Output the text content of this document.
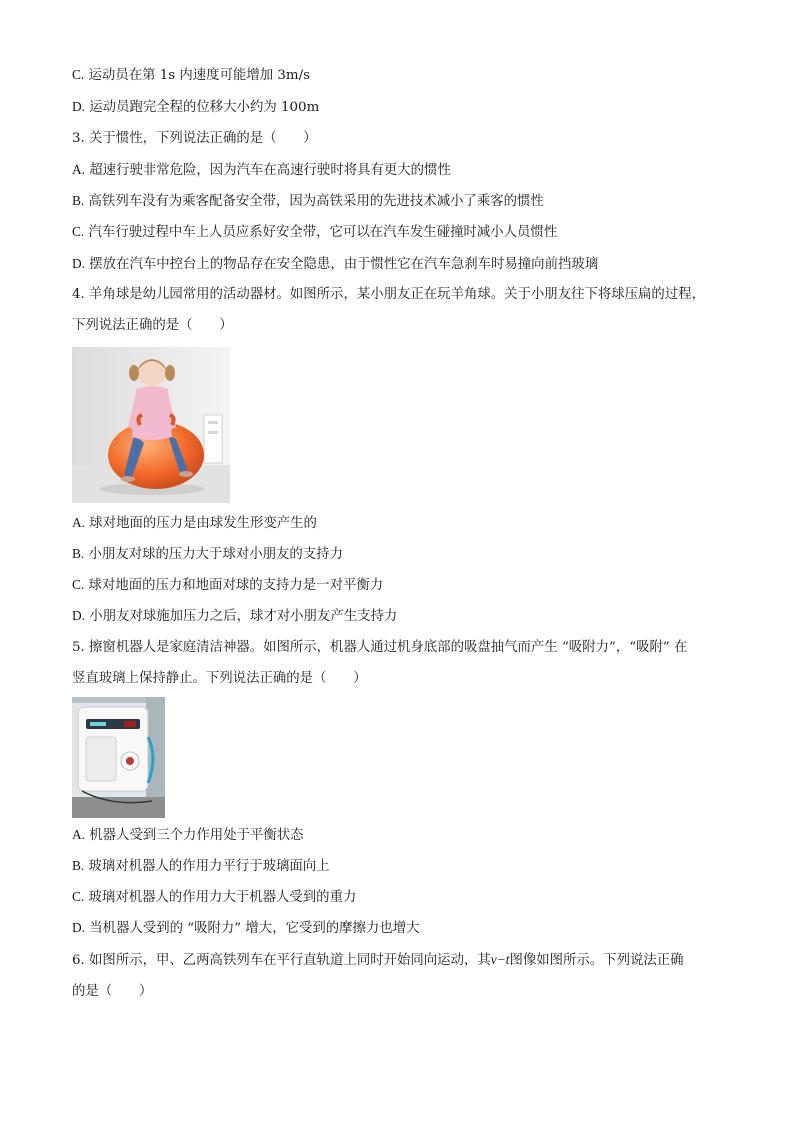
C. 运动员在第 1s 内速度可能增加 3m/s
D. 运动员跑完全程的位移大小约为 100m
3. 关于惯性，下列说法正确的是（　　）
A. 超速行驶非常危险，因为汽车在高速行驶时将具有更大的惯性
B. 高铁列车没有为乘客配备安全带，因为高铁采用的先进技术减小了乘客的惯性
C. 汽车行驶过程中车上人员应系好安全带，它可以在汽车发生碰撞时减小人员惯性
D. 摆放在汽车中控台上的物品存在安全隐患，由于惯性它在汽车急刹车时易撞向前挡玻璃
4. 羊角球是幼儿园常用的活动器材。如图所示，某小朋友正在玩羊角球。关于小朋友往下将球压扁的过程，
下列说法正确的是（　　）
A. 球对地面的压力是由球发生形变产生的
B. 小朋友对球的压力大于球对小朋友的支持力
C. 球对地面的压力和地面对球的支持力是一对平衡力
D. 小朋友对球施加压力之后，球才对小朋友产生支持力
5. 擦窗机器人是家庭清洁神器。如图所示，机器人通过机身底部的吸盘抽气而产生 “吸附力”，“吸附” 在
竖直玻璃上保持静止。下列说法正确的是（　　）
A. 机器人受到三个力作用处于平衡状态
B. 玻璃对机器人的作用力平行于玻璃面向上
C. 玻璃对机器人的作用力大于机器人受到的重力
D. 当机器人受到的 “吸附力” 增大，它受到的摩擦力也增大
6. 如图所示，甲、乙两高铁列车在平行直轨道上同时开始同向运动，其v−t图像如图所示。下列说法正确
的是（　　）
